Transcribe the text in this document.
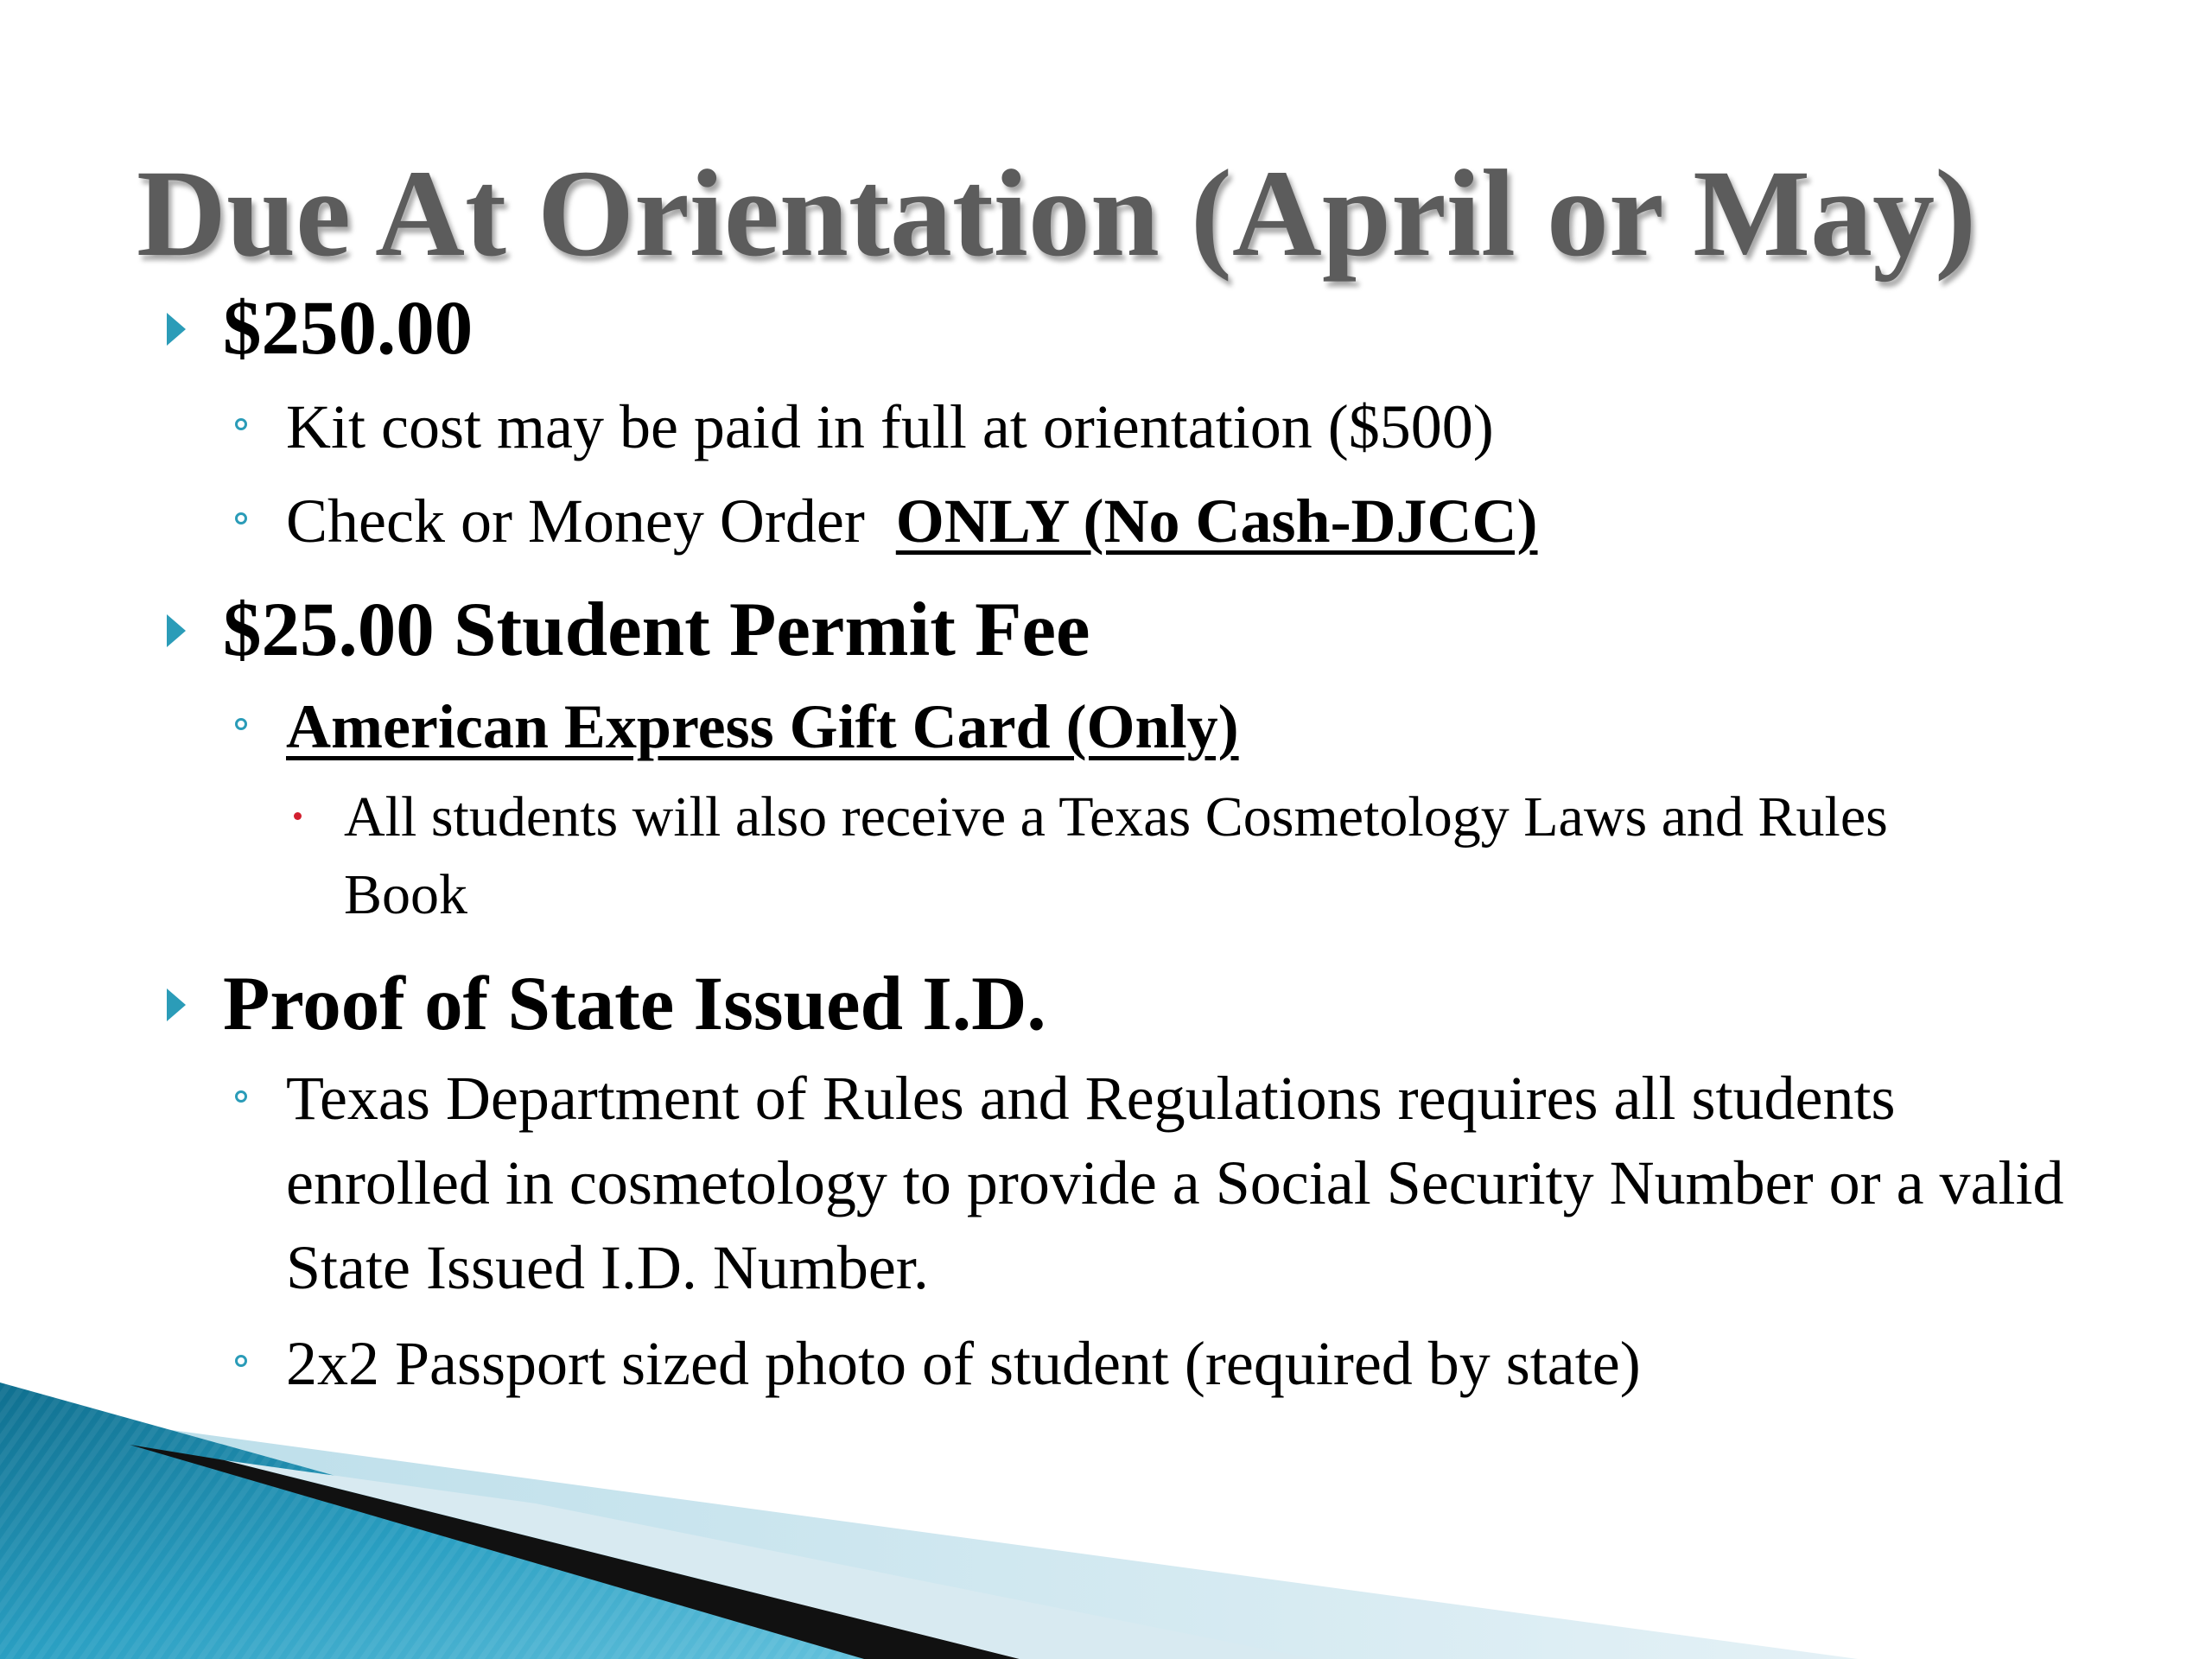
Due At Orientation (April or May)
$250.00
Kit cost may be paid in full at orientation ($500)
Check or Money Order  ONLY (No Cash-DJCC)
$25.00 Student Permit Fee
American Express Gift Card (Only)
All students will also receive a Texas Cosmetology Laws and Rules Book
Proof of State Issued I.D.
Texas Department of Rules and Regulations requires all students enrolled in cosmetology to provide a Social Security Number or a valid State Issued I.D. Number.
2x2 Passport sized photo of student (required by state)
